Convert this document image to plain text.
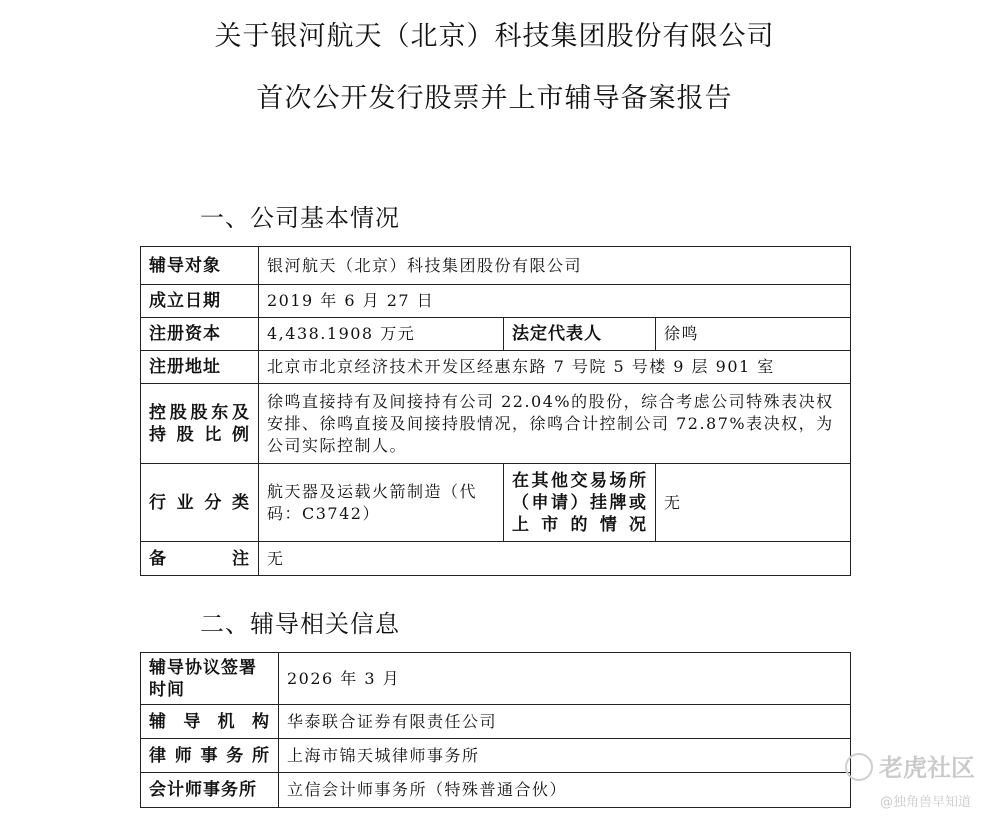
关于银河航天（北京）科技集团股份有限公司
首次公开发行股票并上市辅导备案报告
一、公司基本情况
辅导对象	银河航天（北京）科技集团股份有限公司		
成立日期	2019 年 6 月 27 日		
注册资本	4,438.1908 万元	法定代表人	徐鸣
注册地址	北京市北京经济技术开发区经惠东路 7 号院 5 号楼 9 层 901 室		
控股股东及持股比例	徐鸣直接持有及间接持有公司 22.04%的股份，综合考虑公司特殊表决权安排、徐鸣直接及间接持股情况，徐鸣合计控制公司 72.87%表决权，为公司实际控制人。		
行业分类	航天器及运载火箭制造（代码：C3742）	在其他交易场所（申请）挂牌或上市的情况	无
备注	无		
二、辅导相关信息
辅导协议签署时间	2026 年 3 月
辅导机构	华泰联合证券有限责任公司
律师事务所	上海市锦天城律师事务所
会计师事务所	立信会计师事务所（特殊普通合伙）
老虎社区
@独角兽早知道
